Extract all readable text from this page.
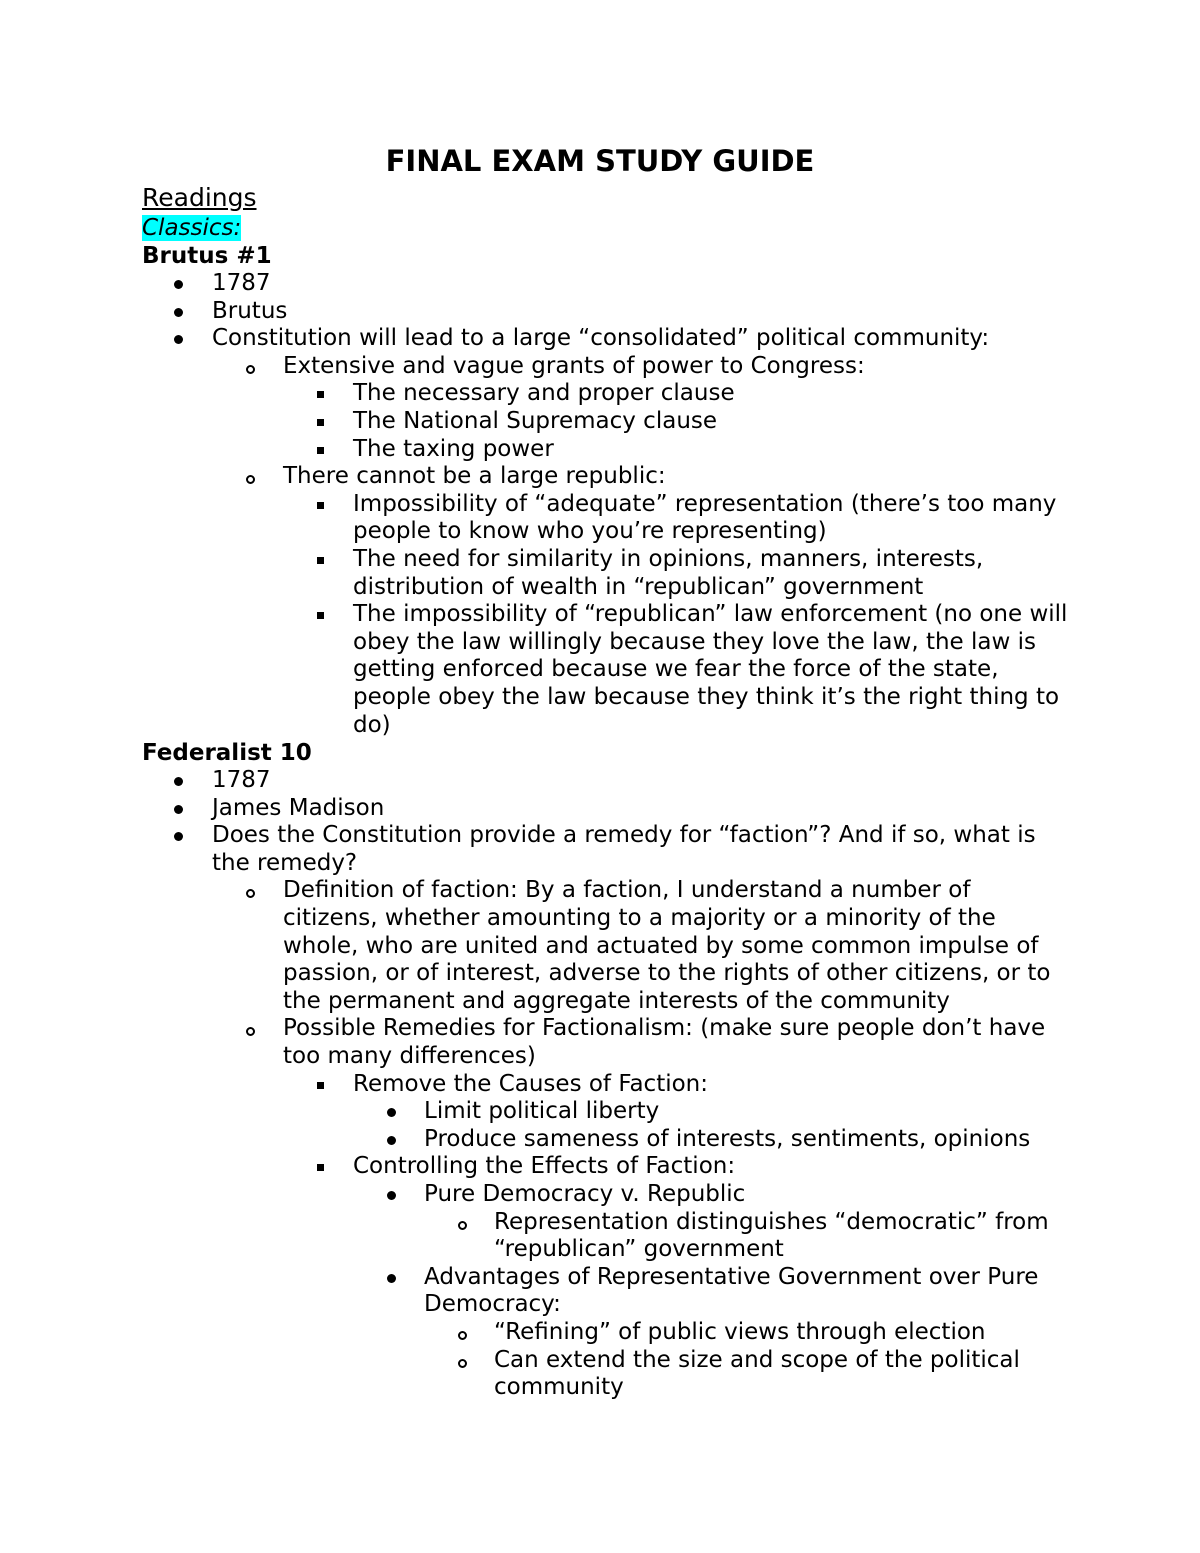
FINAL EXAM STUDY GUIDE
Readings
Classics:
Brutus #1
1787
Brutus
Constitution will lead to a large “consolidated” political community:
Extensive and vague grants of power to Congress:
The necessary and proper clause
The National Supremacy clause
The taxing power
There cannot be a large republic:
Impossibility of “adequate” representation (there’s too many people to know who you’re representing)
The need for similarity in opinions, manners, interests, distribution of wealth in “republican” government
The impossibility of “republican” law enforcement (no one will obey the law willingly because they love the law, the law is getting enforced because we fear the force of the state, people obey the law because they think it’s the right thing to do)
Federalist 10
1787
James Madison
Does the Constitution provide a remedy for “faction”? And if so, what is the remedy?
Definition of faction: By a faction, I understand a number of citizens, whether amounting to a majority or a minority of the whole, who are united and actuated by some common impulse of passion, or of interest, adverse to the rights of other citizens, or to the permanent and aggregate interests of the community
Possible Remedies for Factionalism: (make sure people don’t have too many differences)
Remove the Causes of Faction:
Limit political liberty
Produce sameness of interests, sentiments, opinions
Controlling the Effects of Faction:
Pure Democracy v. Republic
Representation distinguishes “democratic” from “republican” government
Advantages of Representative Government over Pure Democracy:
“Refining” of public views through election
Can extend the size and scope of the political community
